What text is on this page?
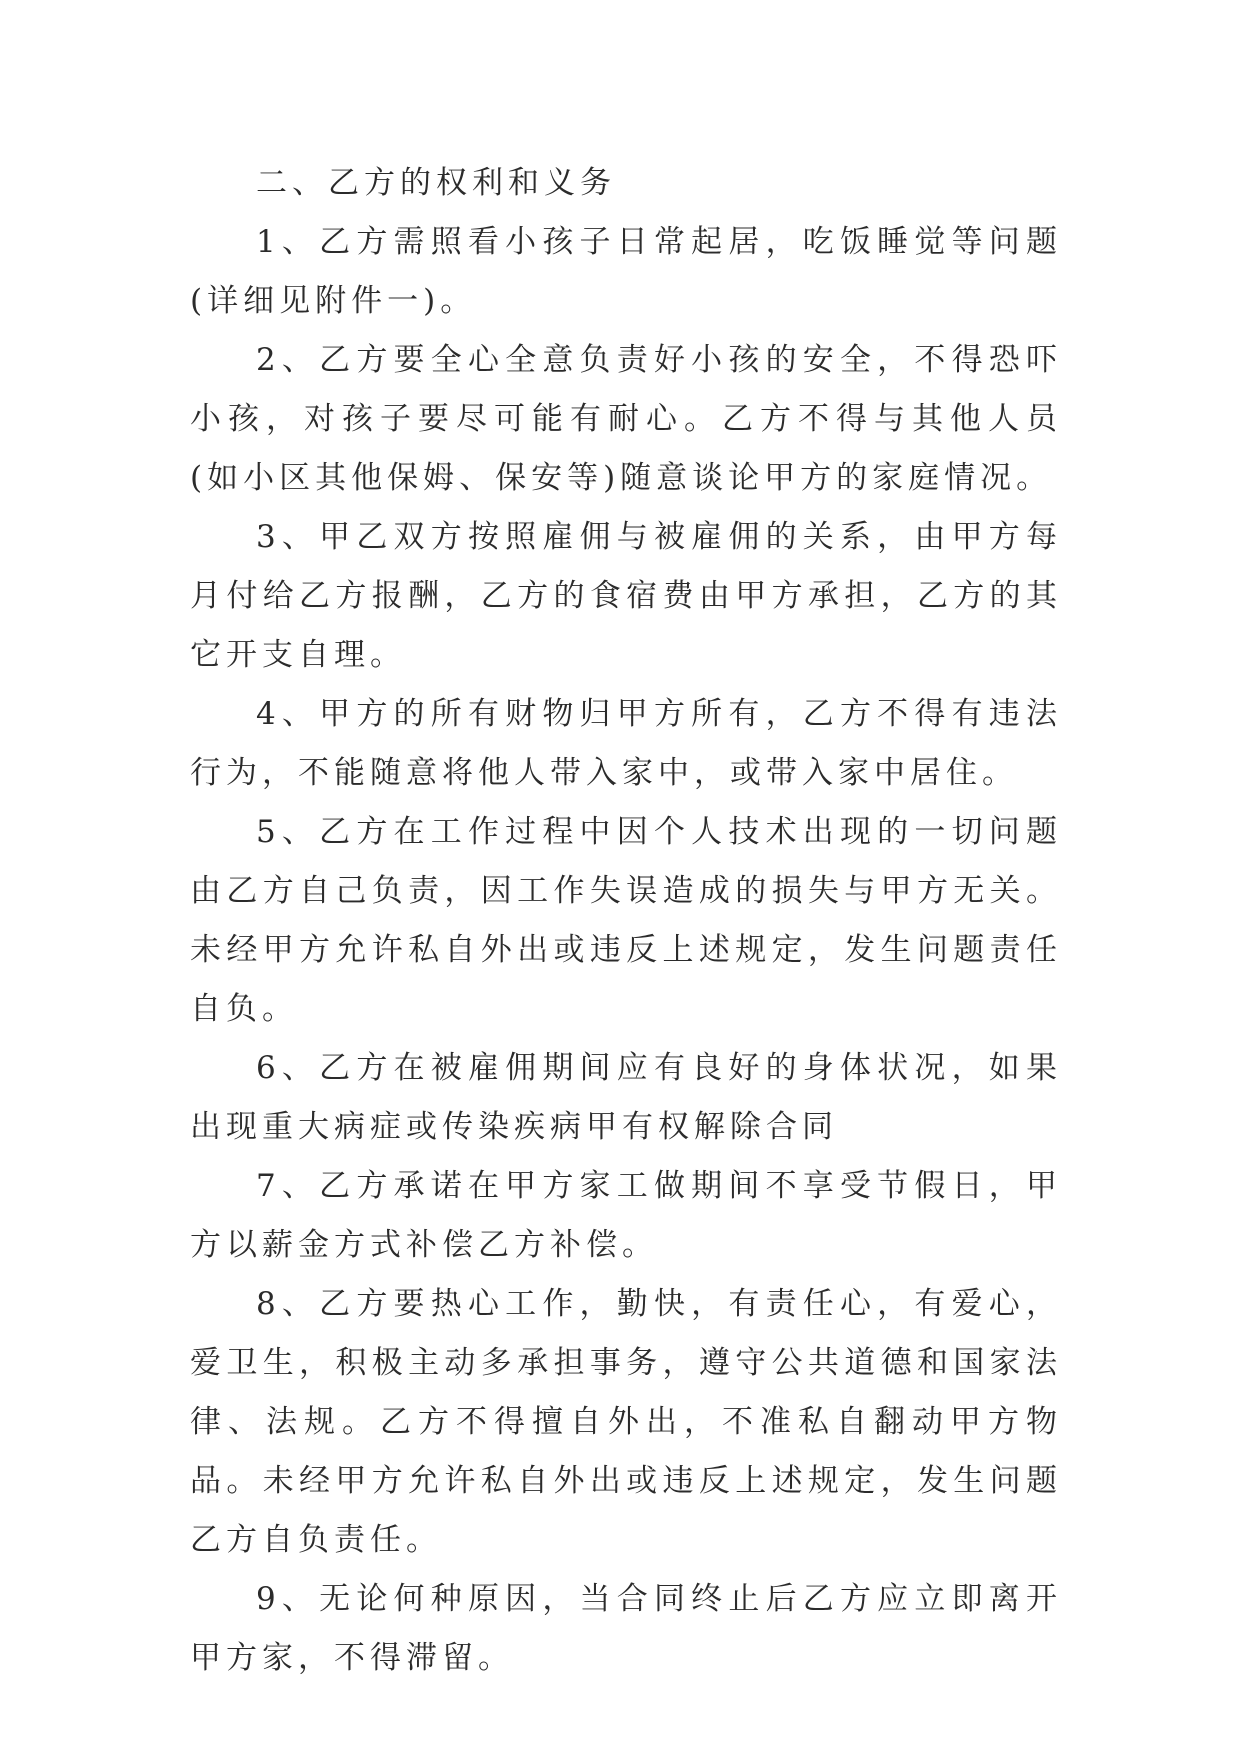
二、乙方的权利和义务

1、乙方需照看小孩子日常起居，吃饭睡觉等问题(详细见附件一)。

2、乙方要全心全意负责好小孩的安全，不得恐吓小孩，对孩子要尽可能有耐心。乙方不得与其他人员(如小区其他保姆、保安等)随意谈论甲方的家庭情况。

3、甲乙双方按照雇佣与被雇佣的关系，由甲方每月付给乙方报酬，乙方的食宿费由甲方承担，乙方的其它开支自理。

4、甲方的所有财物归甲方所有，乙方不得有违法行为，不能随意将他人带入家中，或带入家中居住。

5、乙方在工作过程中因个人技术出现的一切问题由乙方自己负责，因工作失误造成的损失与甲方无关。未经甲方允许私自外出或违反上述规定，发生问题责任自负。

6、乙方在被雇佣期间应有良好的身体状况，如果出现重大病症或传染疾病甲有权解除合同

7、乙方承诺在甲方家工做期间不享受节假日，甲方以薪金方式补偿乙方补偿。

8、乙方要热心工作，勤快，有责任心，有爱心，爱卫生，积极主动多承担事务，遵守公共道德和国家法律、法规。乙方不得擅自外出，不准私自翻动甲方物品。未经甲方允许私自外出或违反上述规定，发生问题乙方自负责任。

9、无论何种原因，当合同终止后乙方应立即离开甲方家，不得滞留。
